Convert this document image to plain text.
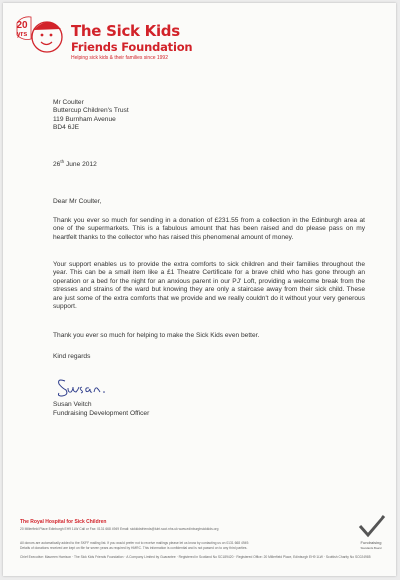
20
yrs	The Sick Kids
Friends Foundation
Helping sick kids & their families since 1992
Mr Coulter
Buttercup Children's Trust
119 Burnham Avenue
BD4 6JE
26th June 2012
Dear Mr Coulter,
Thank you ever so much for sending in a donation of £231.55 from a collection in the Edinburgh area at one of the supermarkets. This is a fabulous amount that has been raised and do please pass on my heartfelt thanks to the collector who has raised this phenomenal amount of money.
Your support enables us to provide the extra comforts to sick children and their families throughout the year. This can be a small item like a £1 Theatre Certificate for a brave child who has gone through an operation or a bed for the night for an anxious parent in our PJ' Loft, providing a welcome break from the stresses and strains of the ward but knowing they are only a staircase away from their sick child. These are just some of the extra comforts that we provide and we really couldn't do it without your very generous support.
Thank you ever so much for helping to make the Sick Kids even better.
Kind regards
Susan Veitch
Fundraising Development Officer
The Royal Hospital for Sick Children
20 Millerfield Place Edinburgh EH9 1LW Call or Fax: 0131 668 4949 Email: sickkidsfriends@luht.scot.nhs.uk www.edinburghsickkids.org
All donors are automatically added to the SKFF mailing list. If you would prefer not to receive mailings please let us know by contacting us on 0131 668 4949.
Details of donations received are kept on file for seven years as required by HMRC. This information is confidential and is not passed on to any third parties.
Chief Executive: Maureen Harrison · The Sick Kids Friends Foundation · A Company Limited by Guarantee · Registered in Scotland No SC189420 · Registered Office: 20 Millerfield Place, Edinburgh EH9 1LW · Scottish Charity No SC024985
Fundraising
Standards Board
